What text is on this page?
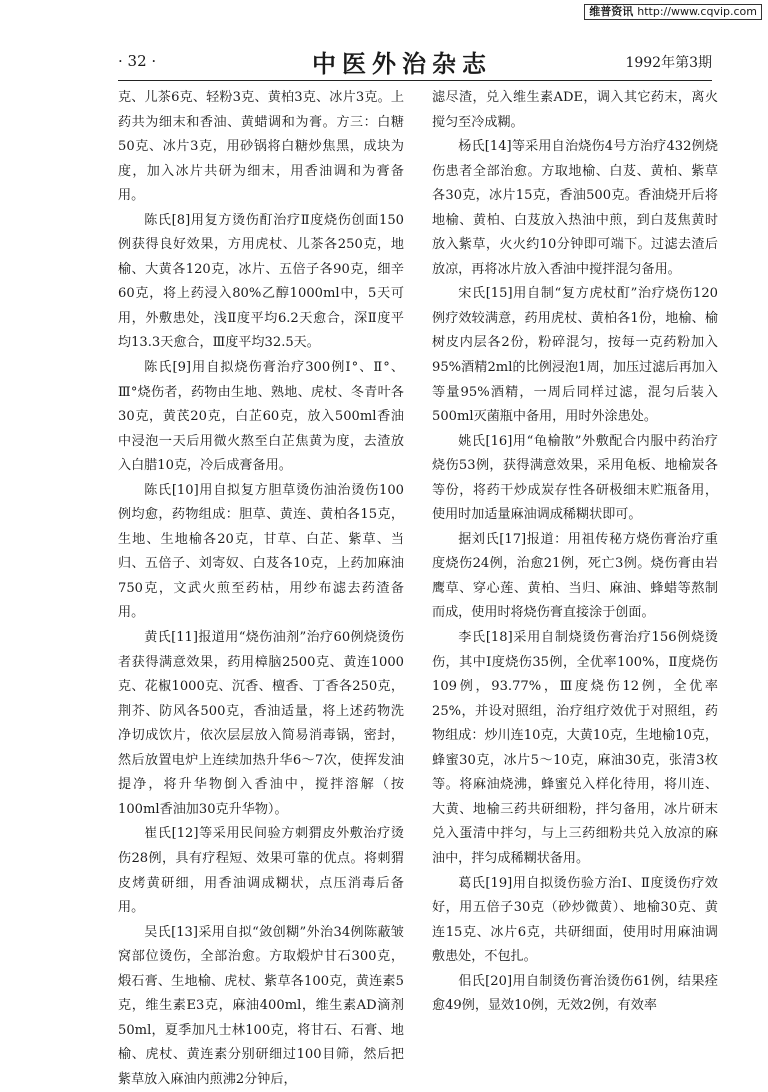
维普资讯 http://www.cqvip.com
· 32 ·	中医外治杂志	1992年第3期

克、儿茶6克、轻粉3克、黄柏3克、冰片3克。上药共为细末和香油、黄蜡调和为膏。方三：白糖50克、冰片3克，用砂锅将白糖炒焦黑，成块为度，加入冰片共研为细末，用香油调和为膏备用。

陈氏[8]用复方烫伤酊治疗Ⅱ度烧伤创面150例获得良好效果，方用虎杖、儿茶各250克，地榆、大黄各120克，冰片、五倍子各90克，细辛60克，将上药浸入80%乙醇1000ml中，5天可用，外敷患处，浅Ⅱ度平均6.2天愈合，深Ⅱ度平均13.3天愈合，Ⅲ度平均32.5天。

陈氏[9]用自拟烧伤膏治疗300例Ⅰ°、Ⅱ°、Ⅲ°烧伤者，药物由生地、熟地、虎杖、冬青叶各30克，黄芪20克，白芷60克，放入500ml香油中浸泡一天后用微火熬至白芷焦黄为度，去渣放入白腊10克，冷后成膏备用。

陈氏[10]用自拟复方胆草烫伤油治烫伤100例均愈，药物组成：胆草、黄连、黄柏各15克，生地、生地榆各20克，甘草、白芷、紫草、当归、五倍子、刘寄奴、白芨各10克，上药加麻油750克，文武火煎至药枯，用纱布滤去药渣备用。

黄氏[11]报道用“烧伤油剂”治疗60例烧烫伤者获得满意效果，药用樟脑2500克、黄连1000克、花椒1000克、沉香、檀香、丁香各250克，荆芥、防风各500克，香油适量，将上述药物洗净切成饮片，依次层层放入简易消毒锅，密封，然后放置电炉上连续加热升华6～7次，使挥发油提净，将升华物倒入香油中，搅拌溶解（按100ml香油加30克升华物）。

崔氏[12]等采用民间验方刺猬皮外敷治疗烫伤28例，具有疗程短、效果可靠的优点。将刺猬皮烤黄研细，用香油调成糊状，点压消毒后备用。

吴氏[13]采用自拟“敛创糊”外治34例陈蔽皱窝部位烫伤，全部治愈。方取煅炉甘石300克，煅石膏、生地榆、虎杖、紫草各100克，黄连素5克，维生素E3克，麻油400ml，维生素AD滴剂50ml，夏季加凡士林100克，将甘石、石膏、地榆、虎杖、黄连素分别研细过100目筛，然后把紫草放入麻油内煎沸2分钟后，

滤尽渣，兑入维生素ADE，调入其它药末，离火搅匀至冷成糊。

杨氏[14]等采用自治烧伤4号方治疗432例烧伤患者全部治愈。方取地榆、白芨、黄柏、紫草各30克，冰片15克，香油500克。香油烧开后将地榆、黄柏、白芨放入热油中煎，到白芨焦黄时放入紫草，火火约10分钟即可端下。过滤去渣后放凉，再将冰片放入香油中搅拌混匀备用。

宋氏[15]用自制“复方虎杖酊”治疗烧伤120例疗效较满意，药用虎杖、黄柏各1份，地榆、榆树皮内层各2份，粉碎混匀，按每一克药粉加入95%酒精2ml的比例浸泡1周，加压过滤后再加入等量95%酒精，一周后同样过滤，混匀后装入500ml灭菌瓶中备用，用时外涂患处。

姚氏[16]用“龟榆散”外敷配合内服中药治疗烧伤53例，获得满意效果，采用龟板、地榆炭各等份，将药干炒成炭存性各研极细末贮瓶备用，使用时加适量麻油调成稀糊状即可。

据刘氏[17]报道：用祖传秘方烧伤膏治疗重度烧伤24例，治愈21例，死亡3例。烧伤膏由岩鹰草、穿心莲、黄柏、当归、麻油、蜂蜡等熬制而成，使用时将烧伤膏直接涂于创面。

李氏[18]采用自制烧烫伤膏治疗156例烧烫伤，其中Ⅰ度烧伤35例，全优率100%，Ⅱ度烧伤109例，93.77%，Ⅲ度烧伤12例，全优率25%，并设对照组，治疗组疗效优于对照组，药物组成：炒川连10克，大黄10克，生地榆10克，蜂蜜30克，冰片5～10克，麻油30克，张清3枚等。将麻油烧沸，蜂蜜兑入样化待用，将川连、大黄、地榆三药共研细粉，拌匀备用，冰片研末兑入蛋清中拌匀，与上三药细粉共兑入放凉的麻油中，拌匀成稀糊状备用。

葛氏[19]用自拟烫伤验方治Ⅰ、Ⅱ度烫伤疗效好，用五倍子30克（砂炒微黄）、地榆30克、黄连15克、冰片6克，共研细面，使用时用麻油调敷患处，不包扎。

佀氏[20]用自制烫伤膏治烫伤61例，结果痊愈49例，显效10例，无效2例，有效率
